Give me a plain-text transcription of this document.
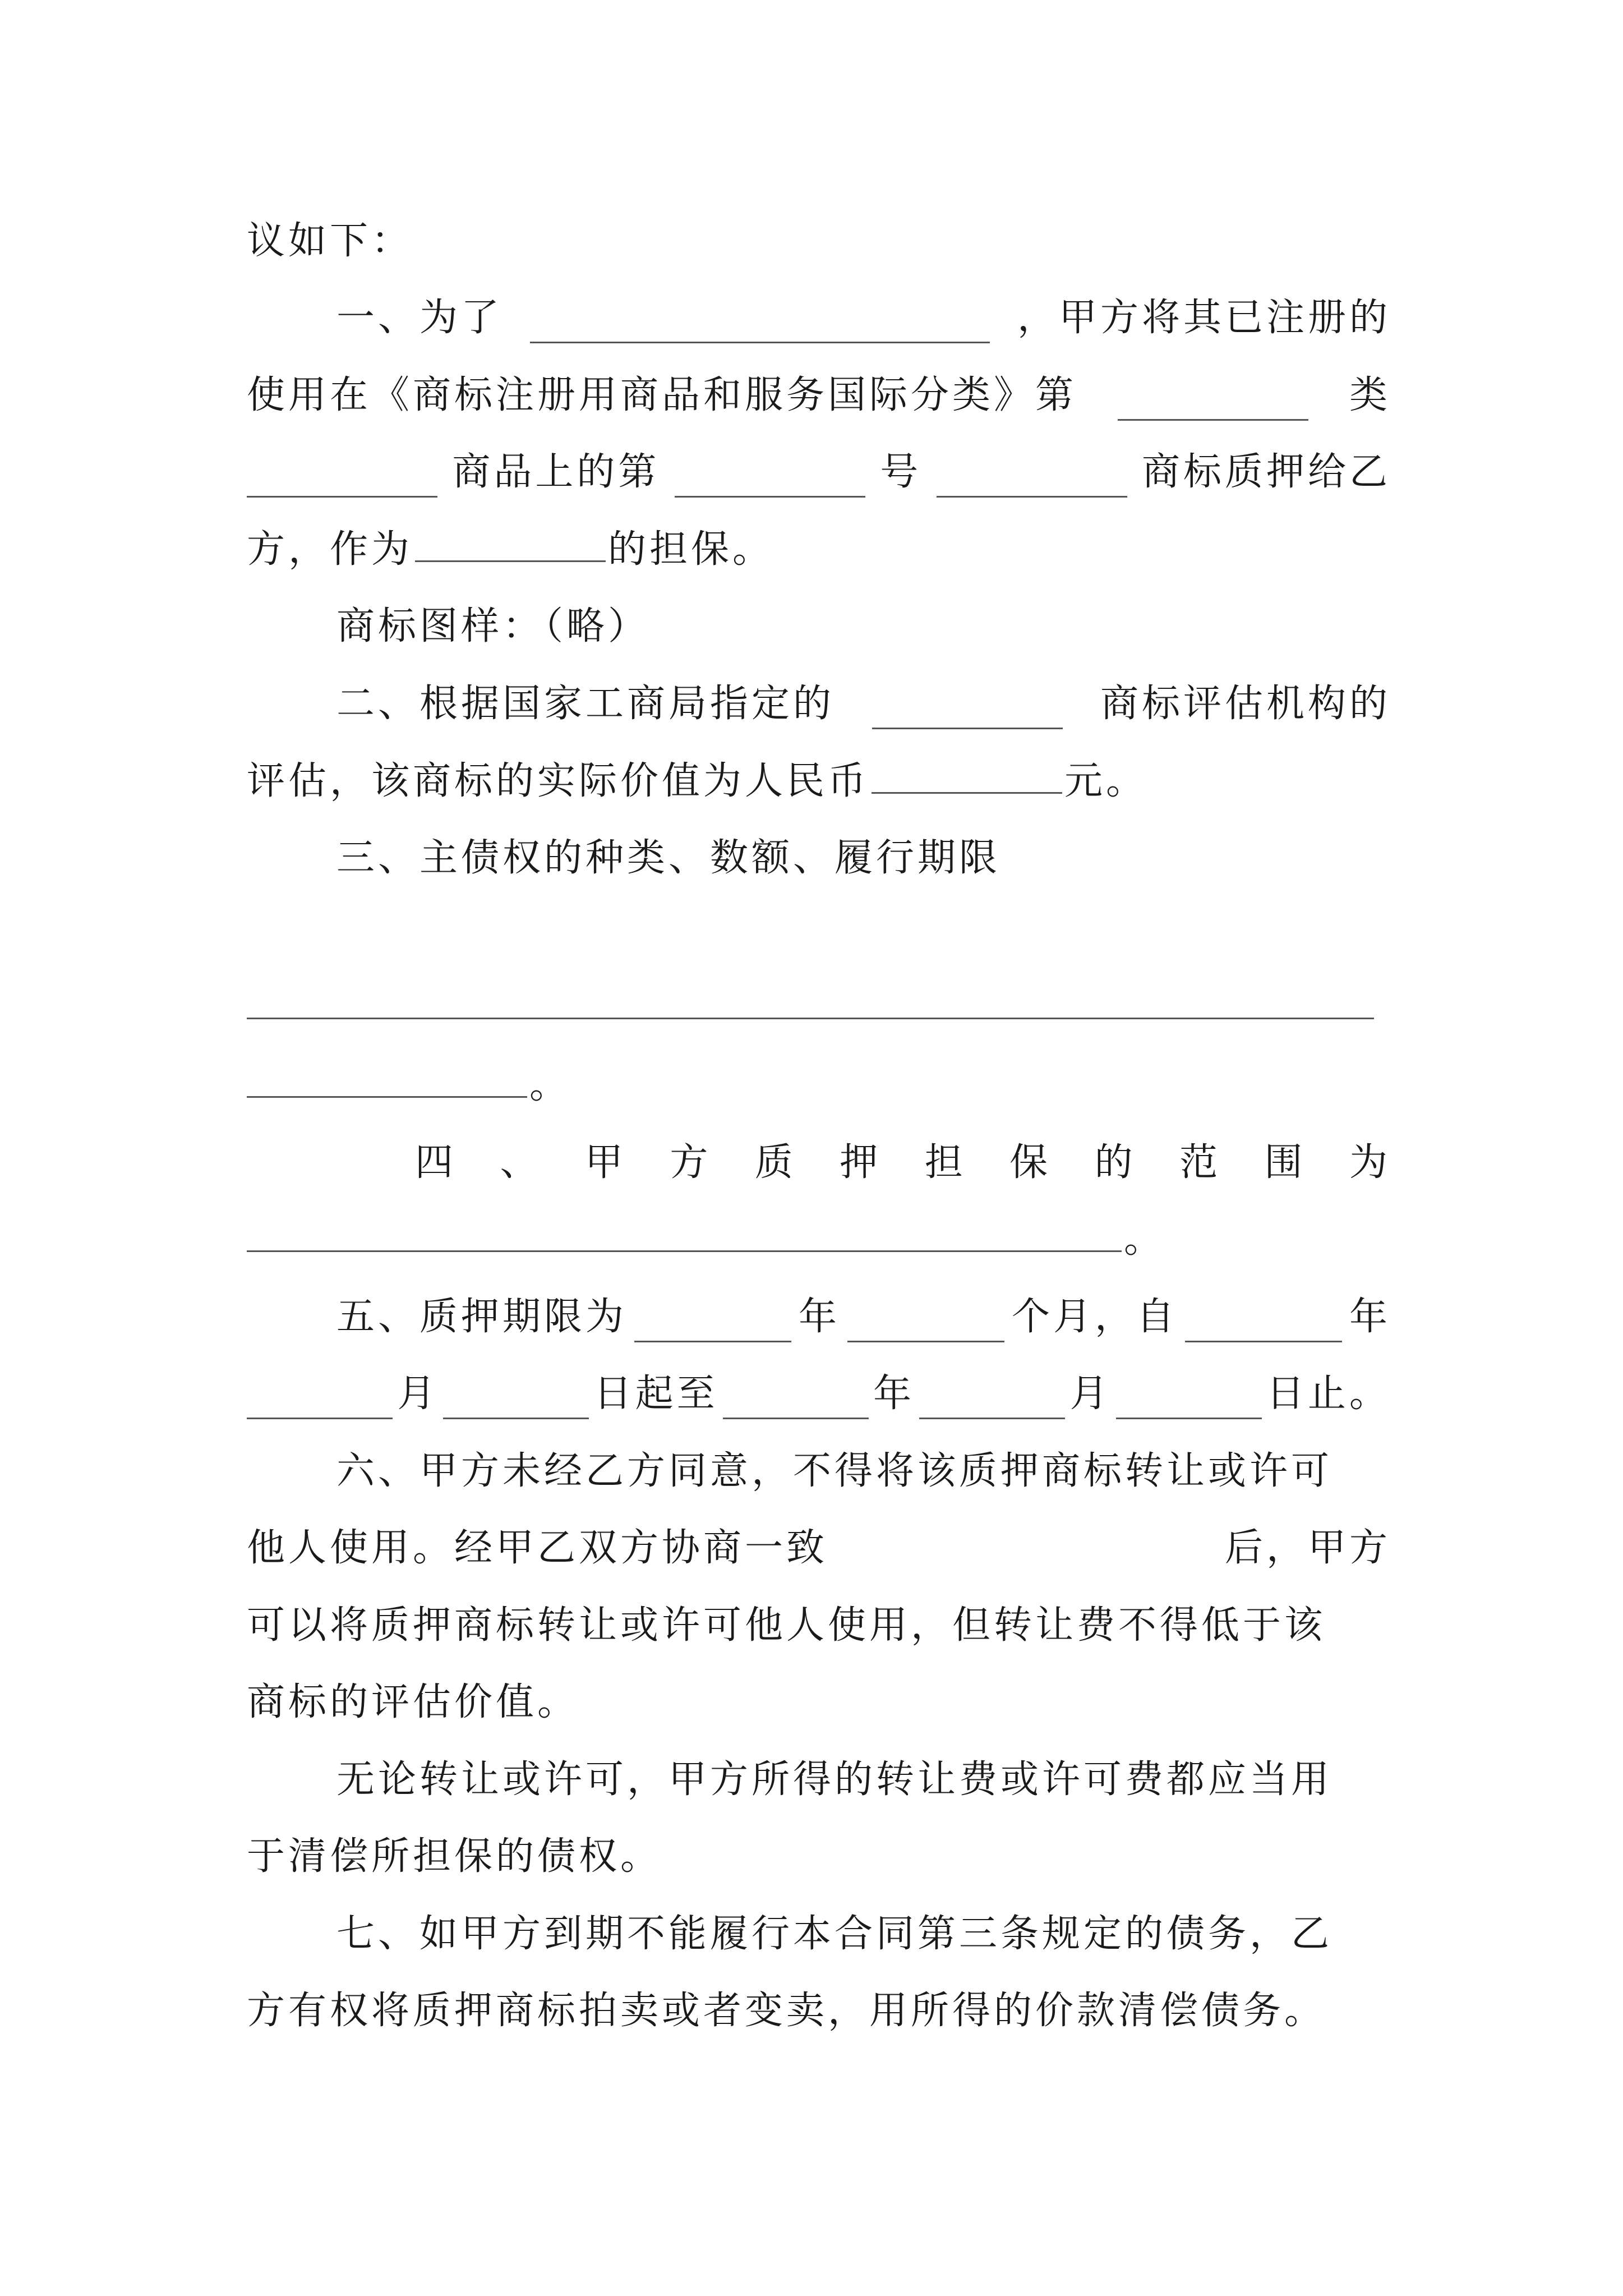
议如下：
一、为了	，甲方将其已注册的
使用在《商标注册用商品和服务国际分类》第	类
商品上的第	号	商标质押给乙
方，作为	的担保。
商标图样：（略）
二、根据国家工商局指定的	商标评估机构的
评估，该商标的实际价值为人民币	元。
三、主债权的种类、数额、履行期限
。
四 、 甲 方 质 押 担 保 的 范 围 为
。
五、质押期限为	年	个月，自	年
月	日起至	年	月	日止。
六、甲方未经乙方同意，不得将该质押商标转让或许可
他人使用。经甲乙双方协商一致	后，甲方
可以将质押商标转让或许可他人使用，但转让费不得低于该
商标的评估价值。
无论转让或许可，甲方所得的转让费或许可费都应当用
于清偿所担保的债权。
七、如甲方到期不能履行本合同第三条规定的债务，乙
方有权将质押商标拍卖或者变卖，用所得的价款清偿债务。
